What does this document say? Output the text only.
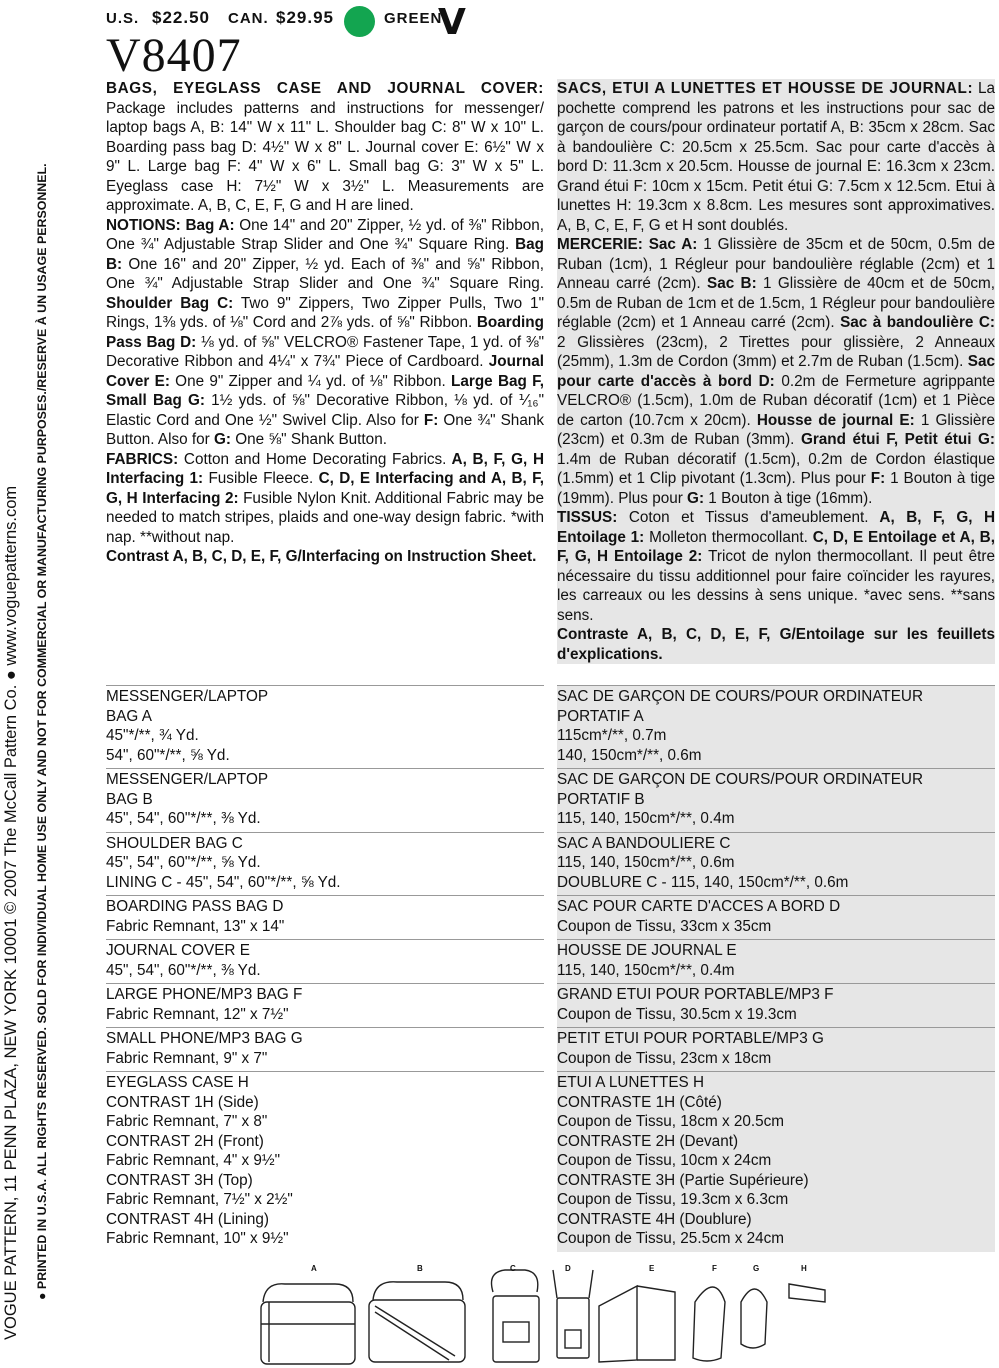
VOGUE PATTERN, 11 PENN PLAZA, NEW YORK 10001 © 2007 The McCall Pattern Co. ● www.voguepatterns.com ● PRINTED IN U.S.A. ALL RIGHTS RESERVED. SOLD FOR INDIVIDUAL HOME USE ONLY AND NOT FOR COMMERCIAL OR MANUFACTURING PURPOSES./RESERVE À UN USAGE PERSONNEL.
U.S. $22.50 CAN. $29.95	GREEN
V
V8407

BAGS, EYEGLASS CASE AND JOURNAL COVER: Package includes patterns and instructions for messenger/ laptop bags A, B: 14" W x 11" L. Shoulder bag C: 8" W x 10" L. Boarding pass bag D: 4½" W x 8" L. Journal cover E: 6½" W x 9" L. Large bag F: 4" W x 6" L. Small bag G: 3" W x 5" L. Eyeglass case H: 7½" W x 3½" L. Measurements are approximate. A, B, C, E, F, G and H are lined.

NOTIONS: Bag A: One 14" and 20" Zipper, ½ yd. of ⅜" Ribbon, One ¾" Adjustable Strap Slider and One ¾" Square Ring. Bag B: One 16" and 20" Zipper, ½ yd. Each of ⅜" and ⅝" Ribbon, One ¾" Adjustable Strap Slider and One ¾" Square Ring. Shoulder Bag C: Two 9" Zippers, Two Zipper Pulls, Two 1" Rings, 1⅜ yds. of ⅛" Cord and 2⅞ yds. of ⅝" Ribbon. Boarding Pass Bag D: ⅛ yd. of ⅝" VELCRO® Fastener Tape, 1 yd. of ⅜" Decorative Ribbon and 4¼" x 7¾" Piece of Cardboard. Journal Cover E: One 9" Zipper and ¼ yd. of ⅛" Ribbon. Large Bag F, Small Bag G: 1½ yds. of ⅝" Decorative Ribbon, ⅛ yd. of ⅟₁₆" Elastic Cord and One ½" Swivel Clip. Also for F: One ¾" Shank Button. Also for G: One ⅝" Shank Button.

FABRICS: Cotton and Home Decorating Fabrics. A, B, F, G, H Interfacing 1: Fusible Fleece. C, D, E Interfacing and A, B, F, G, H Interfacing 2: Fusible Nylon Knit. Additional Fabric may be needed to match stripes, plaids and one-way design fabric. *with nap. **without nap.

Contrast A, B, C, D, E, F, G/Interfacing on Instruction Sheet.

SACS, ETUI A LUNETTES ET HOUSSE DE JOURNAL: La pochette comprend les patrons et les instructions pour sac de garçon de cours/pour ordinateur portatif A, B: 35cm x 28cm. Sac à bandoulière C: 20.5cm x 25.5cm. Sac pour carte d'accès à bord D: 11.3cm x 20.5cm. Housse de journal E: 16.3cm x 23cm. Grand étui F: 10cm x 15cm. Petit étui G: 7.5cm x 12.5cm. Etui à lunettes H: 19.3cm x 8.8cm. Les mesures sont approximatives. A, B, C, E, F, G et H sont doublés.

MERCERIE: Sac A: 1 Glissière de 35cm et de 50cm, 0.5m de Ruban (1cm), 1 Régleur pour bandoulière réglable (2cm) et 1 Anneau carré (2cm). Sac B: 1 Glissière de 40cm et de 50cm, 0.5m de Ruban de 1cm et de 1.5cm, 1 Régleur pour bandoulière réglable (2cm) et 1 Anneau carré (2cm). Sac à bandoulière C: 2 Glissières (23cm), 2 Tirettes pour glissière, 2 Anneaux (25mm), 1.3m de Cordon (3mm) et 2.7m de Ruban (1.5cm). Sac pour carte d'accès à bord D: 0.2m de Fermeture agrippante VELCRO® (1.5cm), 1.0m de Ruban décoratif (1cm) et 1 Pièce de carton (10.7cm x 20cm). Housse de journal E: 1 Glissière (23cm) et 0.3m de Ruban (3mm). Grand étui F, Petit étui G: 1.4m de Ruban décoratif (1.5cm), 0.2m de Cordon élastique (1.5mm) et 1 Clip pivotant (1.3cm). Plus pour F: 1 Bouton à tige (19mm). Plus pour G: 1 Bouton à tige (16mm).

TISSUS: Coton et Tissus d'ameublement. A, B, F, G, H Entoilage 1: Molleton thermocollant. C, D, E Entoilage et A, B, F, G, H Entoilage 2: Tricot de nylon thermocollant. Il peut être nécessaire du tissu additionnel pour faire coïncider les rayures, les carreaux ou les dessins à sens unique. *avec sens. **sans sens.

Contraste A, B, C, D, E, F, G/Entoilage sur les feuillets d'explications.

MESSENGER/LAPTOP
BAG A
45"*/**, ¾ Yd.
54", 60"*/**, ⅝ Yd.
MESSENGER/LAPTOP
BAG B
45", 54", 60"*/**, ⅜ Yd.
SHOULDER BAG C
45", 54", 60"*/**, ⅝ Yd.
LINING C - 45", 54", 60"*/**, ⅝ Yd.
BOARDING PASS BAG D
Fabric Remnant, 13" x 14"
JOURNAL COVER E
45", 54", 60"*/**, ⅜ Yd.
LARGE PHONE/MP3 BAG F
Fabric Remnant, 12" x 7½"
SMALL PHONE/MP3 BAG G
Fabric Remnant, 9" x 7"
EYEGLASS CASE H
CONTRAST 1H (Side)
Fabric Remnant, 7" x 8"
CONTRAST 2H (Front)
Fabric Remnant, 4" x 9½"
CONTRAST 3H (Top)
Fabric Remnant, 7½" x 2½"
CONTRAST 4H (Lining)
Fabric Remnant, 10" x 9½"
SAC DE GARÇON DE COURS/POUR ORDINATEUR
PORTATIF A
115cm*/**, 0.7m
140, 150cm*/**, 0.6m
SAC DE GARÇON DE COURS/POUR ORDINATEUR
PORTATIF B
115, 140, 150cm*/**, 0.4m
SAC A BANDOULIERE C
115, 140, 150cm*/**, 0.6m
DOUBLURE C - 115, 140, 150cm*/**, 0.6m
SAC POUR CARTE D'ACCES A BORD D
Coupon de Tissu, 33cm x 35cm
HOUSSE DE JOURNAL E
115, 140, 150cm*/**, 0.4m
GRAND ETUI POUR PORTABLE/MP3 F
Coupon de Tissu, 30.5cm x 19.3cm
PETIT ETUI POUR PORTABLE/MP3 G
Coupon de Tissu, 23cm x 18cm
ETUI A LUNETTES H
CONTRASTE 1H (Côté)
Coupon de Tissu, 18cm x 20.5cm
CONTRASTE 2H (Devant)
Coupon de Tissu, 10cm x 24cm
CONTRASTE 3H (Partie Supérieure)
Coupon de Tissu, 19.3cm x 6.3cm
CONTRASTE 4H (Doublure)
Coupon de Tissu, 25.5cm x 24cm
A	B	C	D	E	F	G	H
